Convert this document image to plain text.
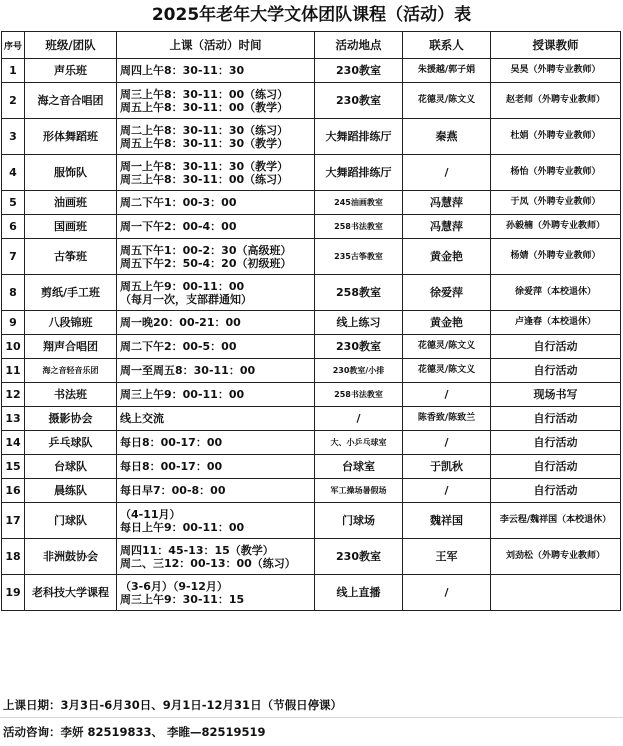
2025年老年大学文体团队课程（活动）表
序号	班级/团队	上课（活动）时间	活动地点	联系人	授课教师
1	声乐班	周四上午8：30-11：30	230教室	朱援越/郭子娟	吴昊（外聘专业教师）
2	海之音合唱团	周三上午8：30-11：00（练习）
周五上午8：30-11：00（教学）	230教室	花德灵/陈文义	赵老师（外聘专业教师）
3	形体舞蹈班	周二上午8：30-11：30（练习）
周五上午8：30-11：30（教学）	大舞蹈排练厅	秦燕	杜娟（外聘专业教师）
4	服饰队	周一上午8：30-11：30（教学）
周三上午8：30-11：00（练习）	大舞蹈排练厅	/	杨怡（外聘专业教师）
5	油画班	周二下午1：00-3：00	245油画教室	冯慧萍	于凤（外聘专业教师）
6	国画班	周一下午2：00-4：00	258书法教室	冯慧萍	孙毅楠（外聘专业教师）
7	古筝班	周五下午1：00-2：30（高级班）
周五下午2：50-4：20（初级班）	235古筝教室	黄金艳	杨婧（外聘专业教师）
8	剪纸/手工班	周五上午9：00-11：00
（每月一次，支部群通知）	258教室	徐爱萍	徐爱萍（本校退休）
9	八段锦班	周一晚20：00-21：00	线上练习	黄金艳	卢逢春（本校退休）
10	翔声合唱团	周二下午2：00-5：00	230教室	花德灵/陈文义	自行活动
11	海之音轻音乐团	周一至周五8：30-11：00	230教室/小排	花德灵/陈文义	自行活动
12	书法班	周三上午9：00-11：00	258书法教室	/	现场书写
13	摄影协会	线上交流	/	陈香致/陈致兰	自行活动
14	乒乓球队	每日8：00-17：00	大、小乒乓球室	/	自行活动
15	台球队	每日8：00-17：00	台球室	于凯秋	自行活动
16	晨练队	每日早7：00-8：00	军工操场暑假场	/	自行活动
17	门球队	（4-11月）
每日上午9：00-11：00	门球场	魏祥国	李云程/魏祥国（本校退休）
18	非洲鼓协会	周四11：45-13：15（教学）
周二、三12：00-13：00（练习）	230教室	王军	刘劲松（外聘专业教师）
19	老科技大学课程	（3-6月）（9-12月）
周三上午9：30-11：15	线上直播	/	
上课日期：3月3日-6月30日、9月1日-12月31日（节假日停课）
活动咨询：李妍 82519833、 李睢—82519519
